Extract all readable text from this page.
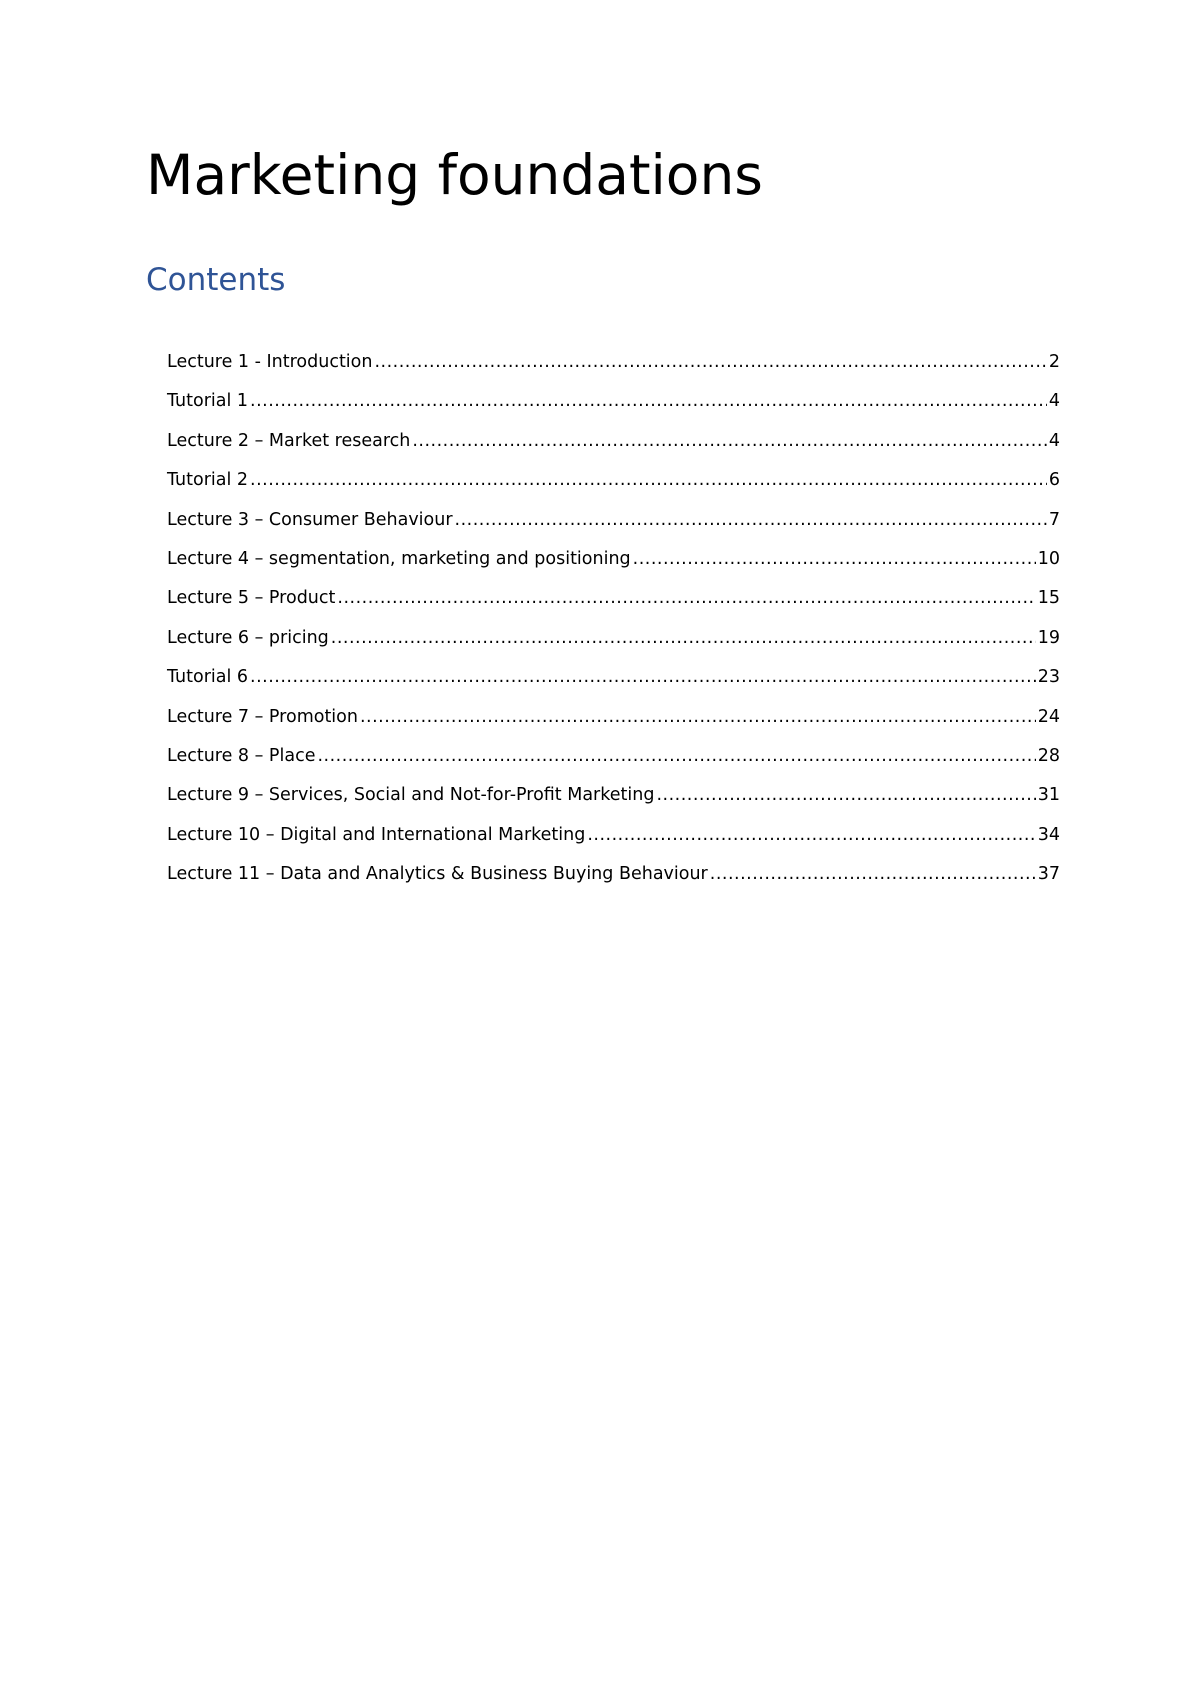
Marketing foundations
Contents
Lecture 1 - Introduction .....	2
Tutorial 1 .....	4
Lecture 2 – Market research .....	4
Tutorial 2 .....	6
Lecture 3 – Consumer Behaviour .....	7
Lecture 4 – segmentation, marketing and positioning .....	10
Lecture 5 – Product .....	15
Lecture 6 – pricing .....	19
Tutorial 6 .....	23
Lecture 7 – Promotion .....	24
Lecture 8 – Place .....	28
Lecture 9 – Services, Social and Not-for-Profit Marketing .....	31
Lecture 10 – Digital and International Marketing .....	34
Lecture 11 – Data and Analytics & Business Buying Behaviour .....	37
